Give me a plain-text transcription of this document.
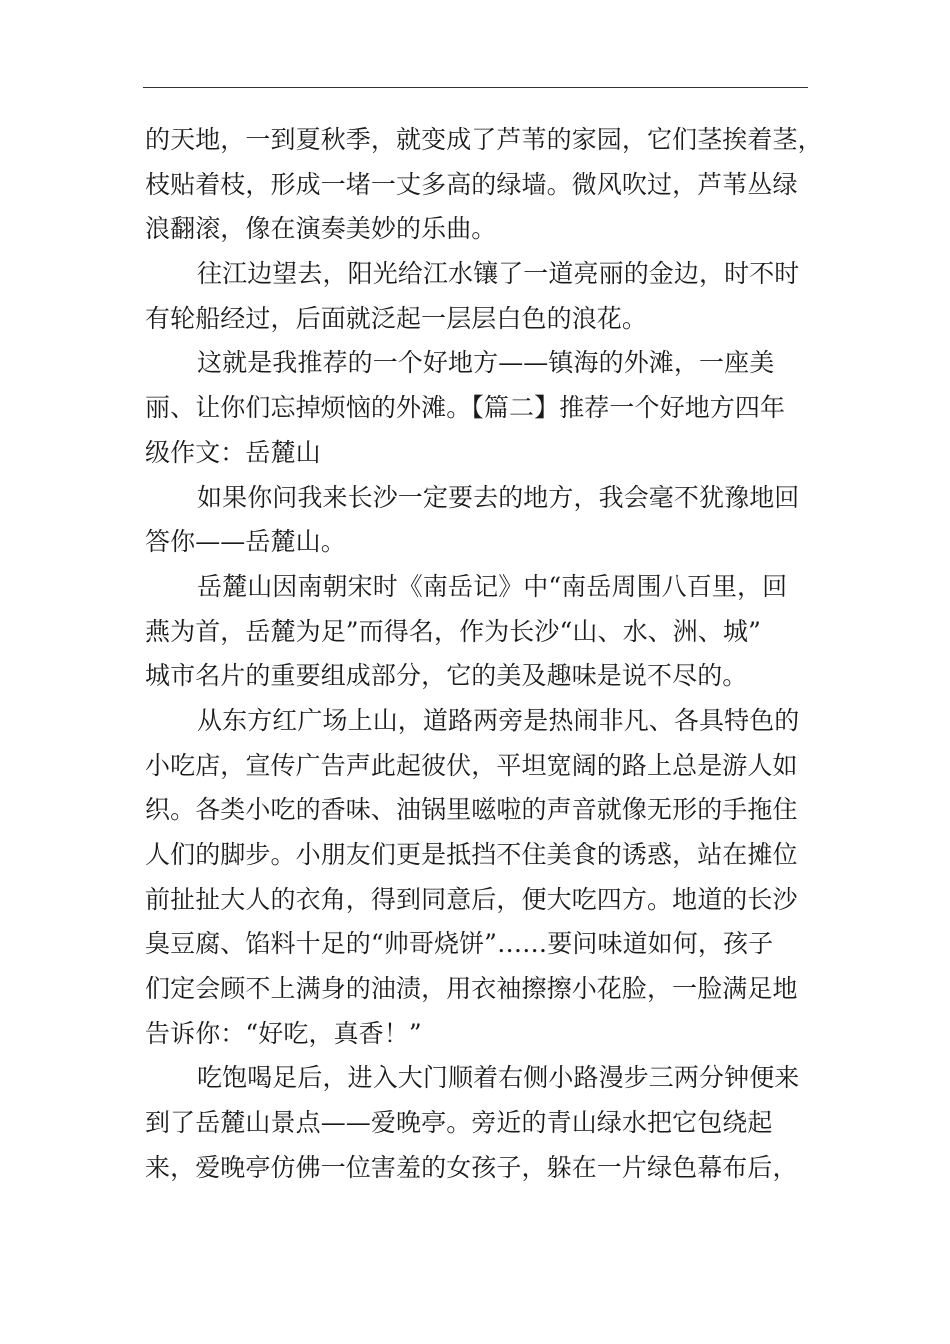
的天地，一到夏秋季，就变成了芦苇的家园，它们茎挨着茎，
枝贴着枝，形成一堵一丈多高的绿墙。微风吹过，芦苇丛绿
浪翻滚，像在演奏美妙的乐曲。
往江边望去，阳光给江水镶了一道亮丽的金边，时不时
有轮船经过，后面就泛起一层层白色的浪花。
这就是我推荐的一个好地方——镇海的外滩，一座美
丽、让你们忘掉烦恼的外滩。【篇二】推荐一个好地方四年
级作文：岳麓山
如果你问我来长沙一定要去的地方，我会毫不犹豫地回
答你——岳麓山。
岳麓山因南朝宋时《南岳记》中“南岳周围八百里，回
燕为首，岳麓为足”而得名，作为长沙“山、水、洲、城”
城市名片的重要组成部分，它的美及趣味是说不尽的。
从东方红广场上山，道路两旁是热闹非凡、各具特色的
小吃店，宣传广告声此起彼伏，平坦宽阔的路上总是游人如
织。各类小吃的香味、油锅里嗞啦的声音就像无形的手拖住
人们的脚步。小朋友们更是抵挡不住美食的诱惑，站在摊位
前扯扯大人的衣角，得到同意后，便大吃四方。地道的长沙
臭豆腐、馅料十足的“帅哥烧饼”……要问味道如何，孩子
们定会顾不上满身的油渍，用衣袖擦擦小花脸，一脸满足地
告诉你：“好吃，真香！”
吃饱喝足后，进入大门顺着右侧小路漫步三两分钟便来
到了岳麓山景点——爱晚亭。旁近的青山绿水把它包绕起
来，爱晚亭仿佛一位害羞的女孩子，躲在一片绿色幕布后，
